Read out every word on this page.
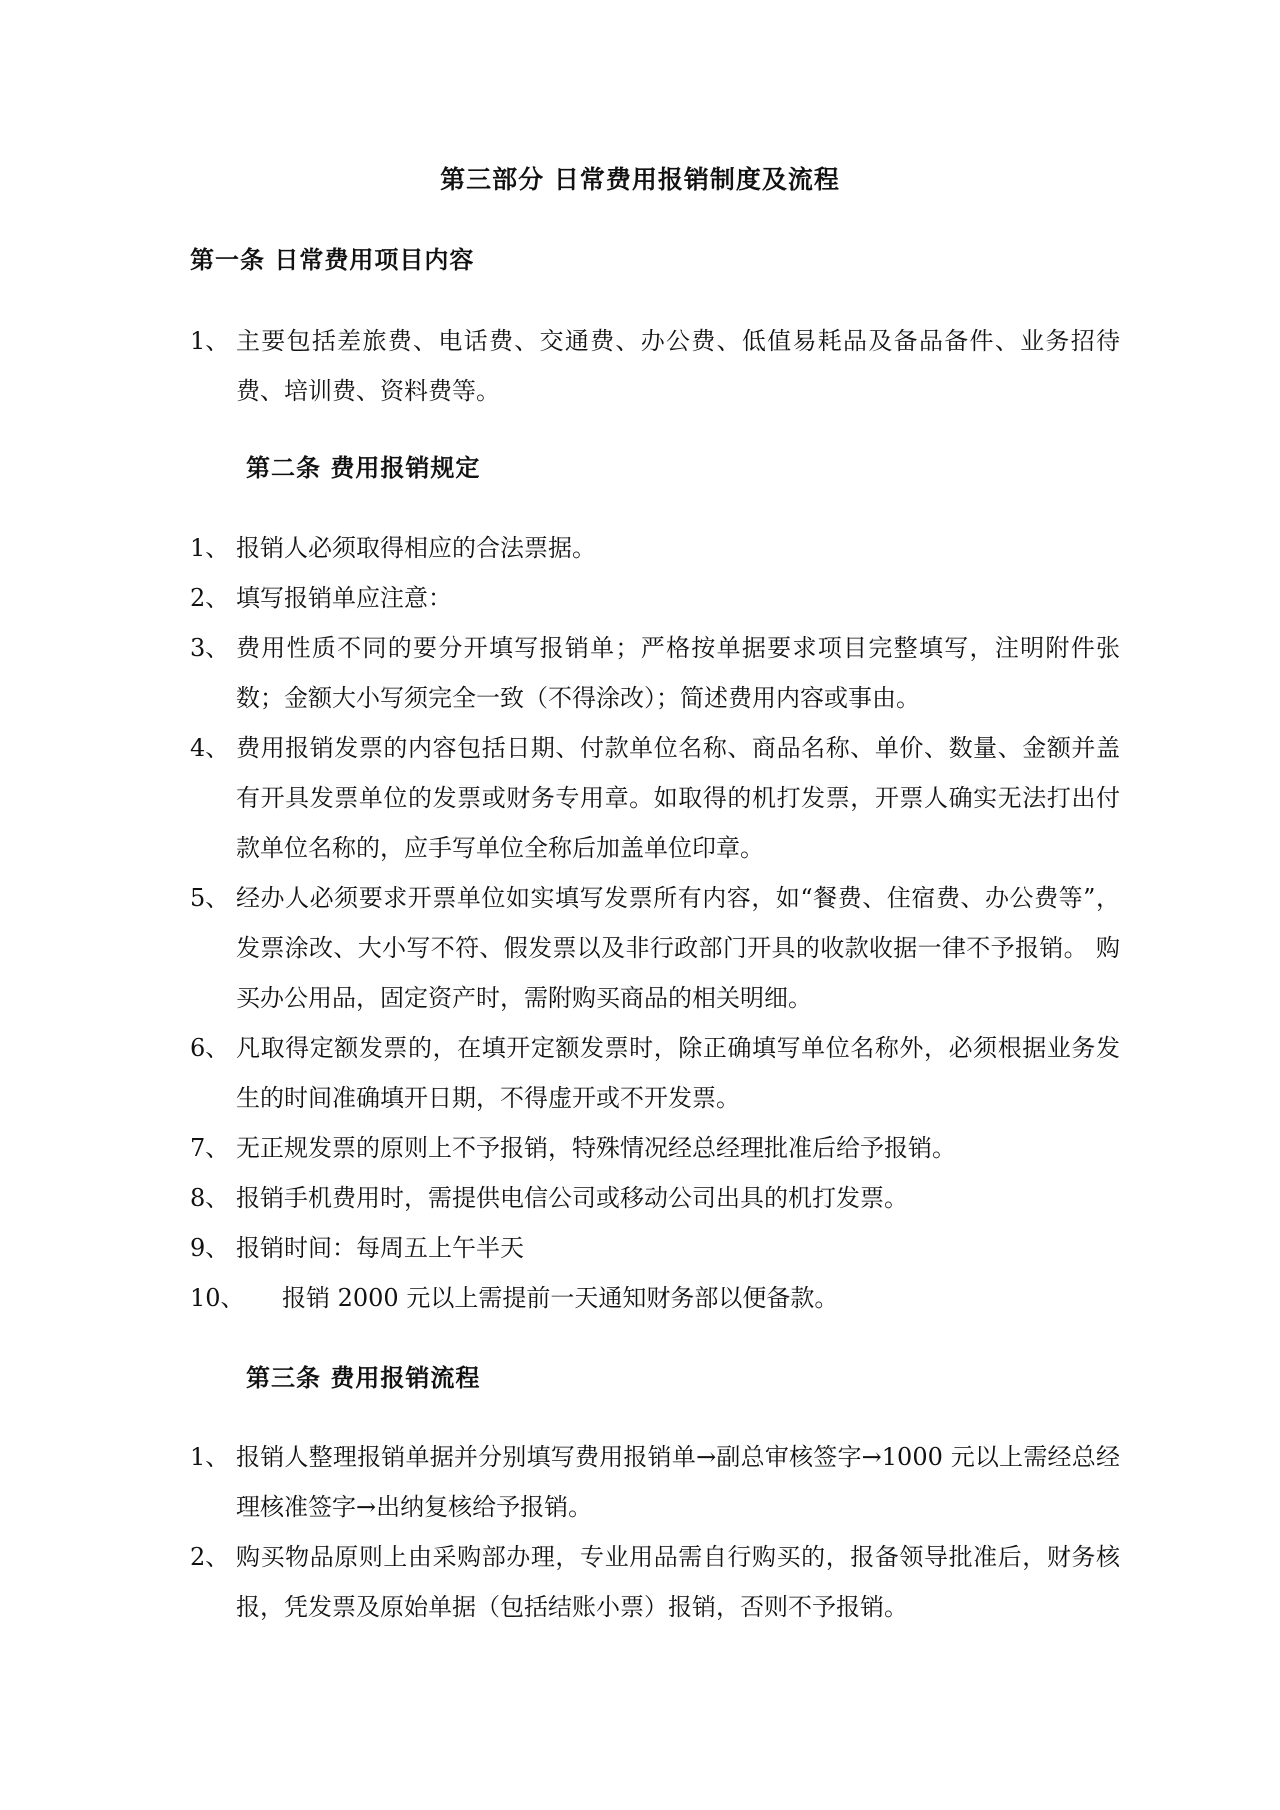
第三部分 日常费用报销制度及流程
第一条 日常费用项目内容
1、 主要包括差旅费、电话费、交通费、办公费、低值易耗品及备品备件、业务招待费、培训费、资料费等。
第二条 费用报销规定
1、 报销人必须取得相应的合法票据。
2、 填写报销单应注意：
3、 费用性质不同的要分开填写报销单；严格按单据要求项目完整填写，注明附件张数；金额大小写须完全一致（不得涂改）；简述费用内容或事由。
4、 费用报销发票的内容包括日期、付款单位名称、商品名称、单价、数量、金额并盖有开具发票单位的发票或财务专用章。如取得的机打发票，开票人确实无法打出付款单位名称的，应手写单位全称后加盖单位印章。
5、 经办人必须要求开票单位如实填写发票所有内容，如“餐费、住宿费、办公费等”，发票涂改、大小写不符、假发票以及非行政部门开具的收款收据一律不予报销。 购买办公用品，固定资产时，需附购买商品的相关明细。
6、 凡取得定额发票的，在填开定额发票时，除正确填写单位名称外，必须根据业务发生的时间准确填开日期，不得虚开或不开发票。
7、 无正规发票的原则上不予报销，特殊情况经总经理批准后给予报销。
8、 报销手机费用时，需提供电信公司或移动公司出具的机打发票。
9、 报销时间：每周五上午半天
10、 报销 2000 元以上需提前一天通知财务部以便备款。
第三条 费用报销流程
1、 报销人整理报销单据并分别填写费用报销单→副总审核签字→1000 元以上需经总经理核准签字→出纳复核给予报销。
2、 购买物品原则上由采购部办理，专业用品需自行购买的，报备领导批准后，财务核报，凭发票及原始单据（包括结账小票）报销，否则不予报销。
